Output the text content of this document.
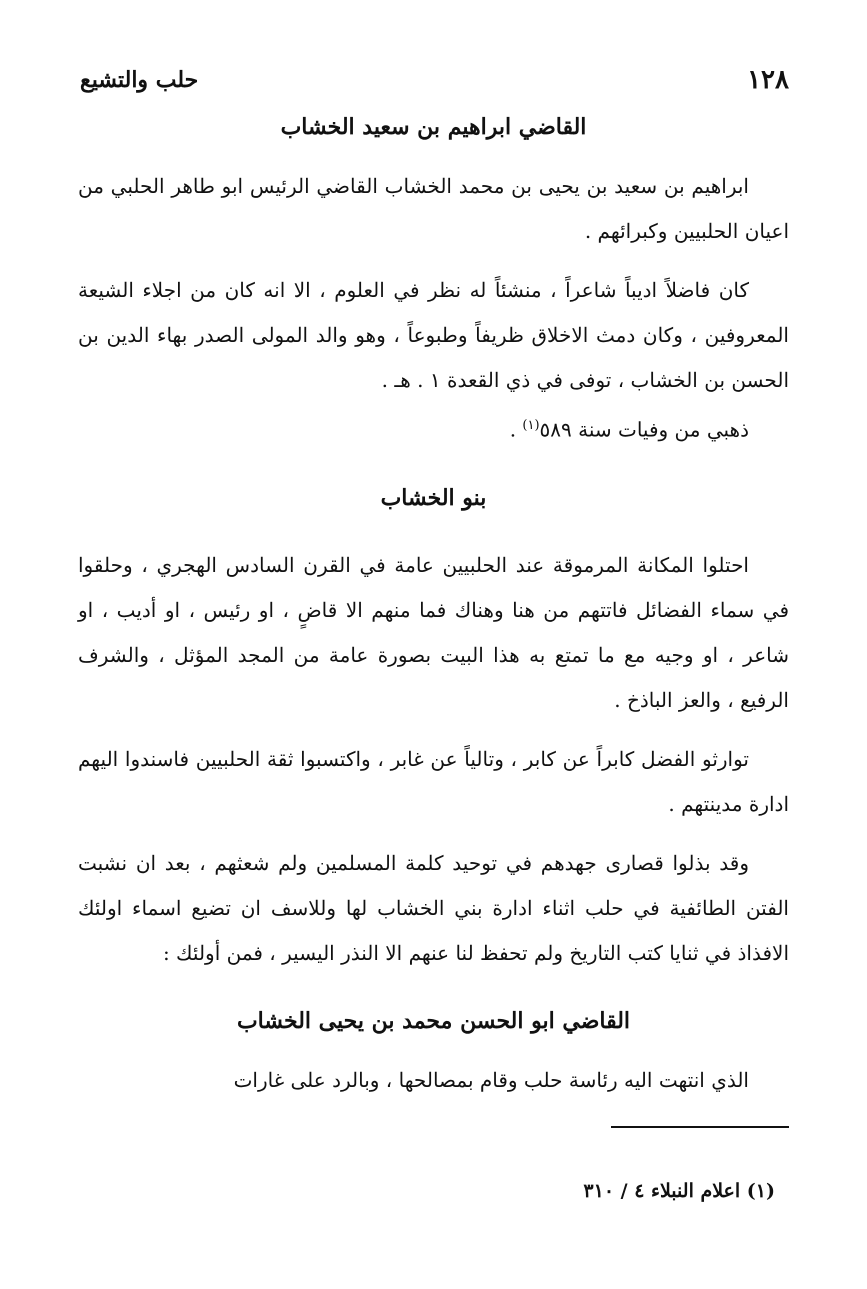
١٢٨
حلب والتشيع
القاضي ابراهيم بن سعيد الخشاب

ابراهيم بن سعيد بن يحيى بن محمد الخشاب القاضي الرئيس ابو طاهر الحلبي من اعيان الحلبيين وكبرائهم .

كان فاضلاً اديباً شاعراً ، منشئاً له نظر في العلوم ، الا انه كان من اجلاء الشيعة المعروفين ، وكان دمث الاخلاق ظريفاً وطبوعاً ، وهو والد المولى الصدر بهاء الدين بن الحسن بن الخشاب ، توفى في ذي القعدة ١ . هـ .

ذهبي من وفيات سنة ٥٨٩$^{(١)}$ .

بنو الخشاب

احتلوا المكانة المرموقة عند الحلبيين عامة في القرن السادس الهجري ، وحلقوا في سماء الفضائل فاتتهم من هنا وهناك فما منهم الا قاضٍ ، او رئيس ، او أديب ، او شاعر ، او وجيه مع ما تمتع به هذا البيت بصورة عامة من المجد المؤثل ، والشرف الرفيع ، والعز الباذخ .

توارثو الفضل كابراً عن كابر ، وتالياً عن غابر ، واكتسبوا ثقة الحلبيين فاسندوا اليهم ادارة مدينتهم .

وقد بذلوا قصارى جهدهم في توحيد كلمة المسلمين ولم شعثهم ، بعد ان نشبت الفتن الطائفية في حلب اثناء ادارة بني الخشاب لها وللاسف ان تضيع اسماء اولئك الافذاذ في ثنايا كتب التاريخ ولم تحفظ لنا عنهم الا النذر اليسير ، فمن أولئك :

القاضي ابو الحسن محمد بن يحيى الخشاب

الذي انتهت اليه رئاسة حلب وقام بمصالحها ، وبالرد على غارات

(١) اعلام النبلاء ٤ / ٣١٠
